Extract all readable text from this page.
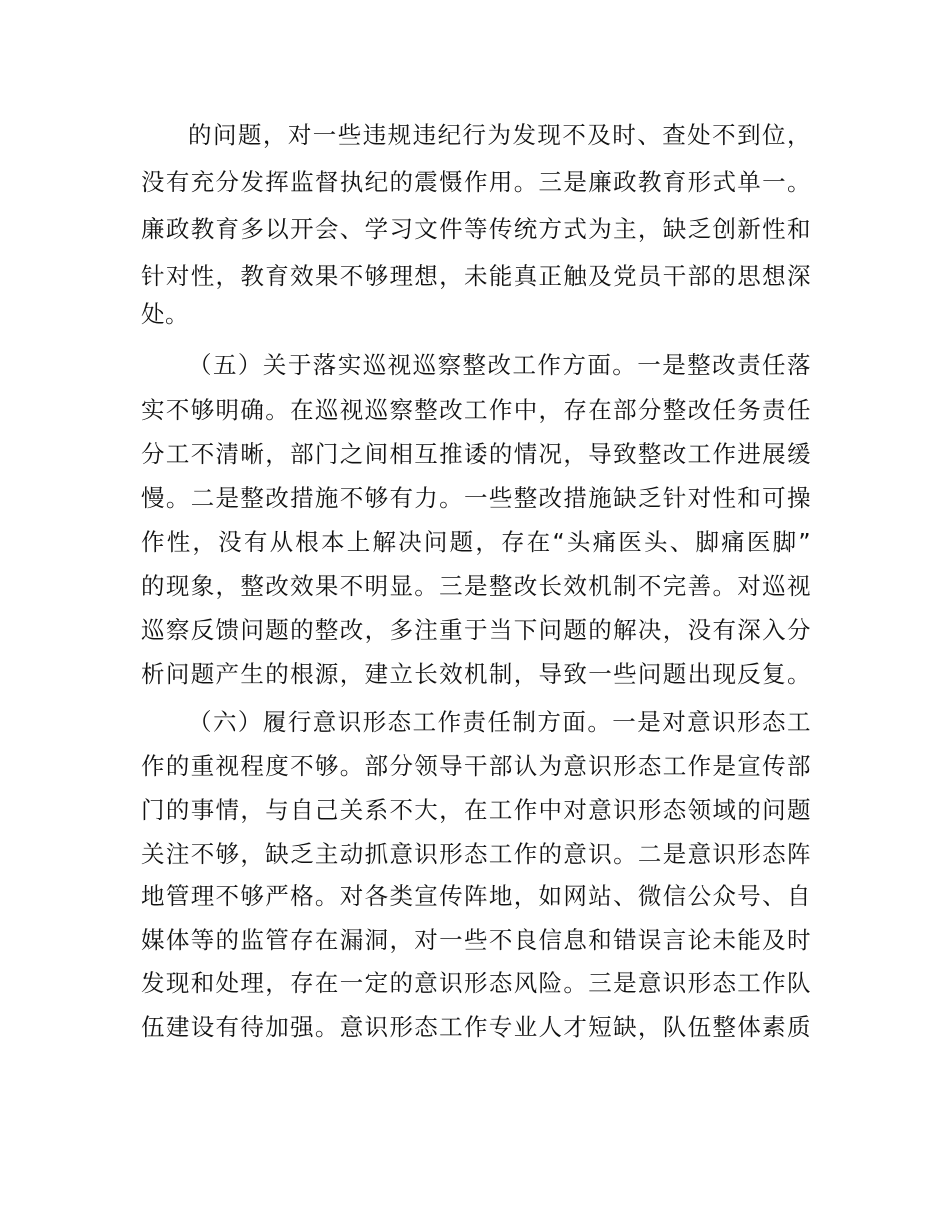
的问题，对一些违规违纪行为发现不及时、查处不到位，
没有充分发挥监督执纪的震慑作用。三是廉政教育形式单一。
廉政教育多以开会、学习文件等传统方式为主，缺乏创新性和
针对性，教育效果不够理想，未能真正触及党员干部的思想深
处。
（五）关于落实巡视巡察整改工作方面。一是整改责任落
实不够明确。在巡视巡察整改工作中，存在部分整改任务责任
分工不清晰，部门之间相互推诿的情况，导致整改工作进展缓
慢。二是整改措施不够有力。一些整改措施缺乏针对性和可操
作性，没有从根本上解决问题，存在“头痛医头、脚痛医脚”
的现象，整改效果不明显。三是整改长效机制不完善。对巡视
巡察反馈问题的整改，多注重于当下问题的解决，没有深入分
析问题产生的根源，建立长效机制，导致一些问题出现反复。
（六）履行意识形态工作责任制方面。一是对意识形态工
作的重视程度不够。部分领导干部认为意识形态工作是宣传部
门的事情，与自己关系不大，在工作中对意识形态领域的问题
关注不够，缺乏主动抓意识形态工作的意识。二是意识形态阵
地管理不够严格。对各类宣传阵地，如网站、微信公众号、自
媒体等的监管存在漏洞，对一些不良信息和错误言论未能及时
发现和处理，存在一定的意识形态风险。三是意识形态工作队
伍建设有待加强。意识形态工作专业人才短缺，队伍整体素质
